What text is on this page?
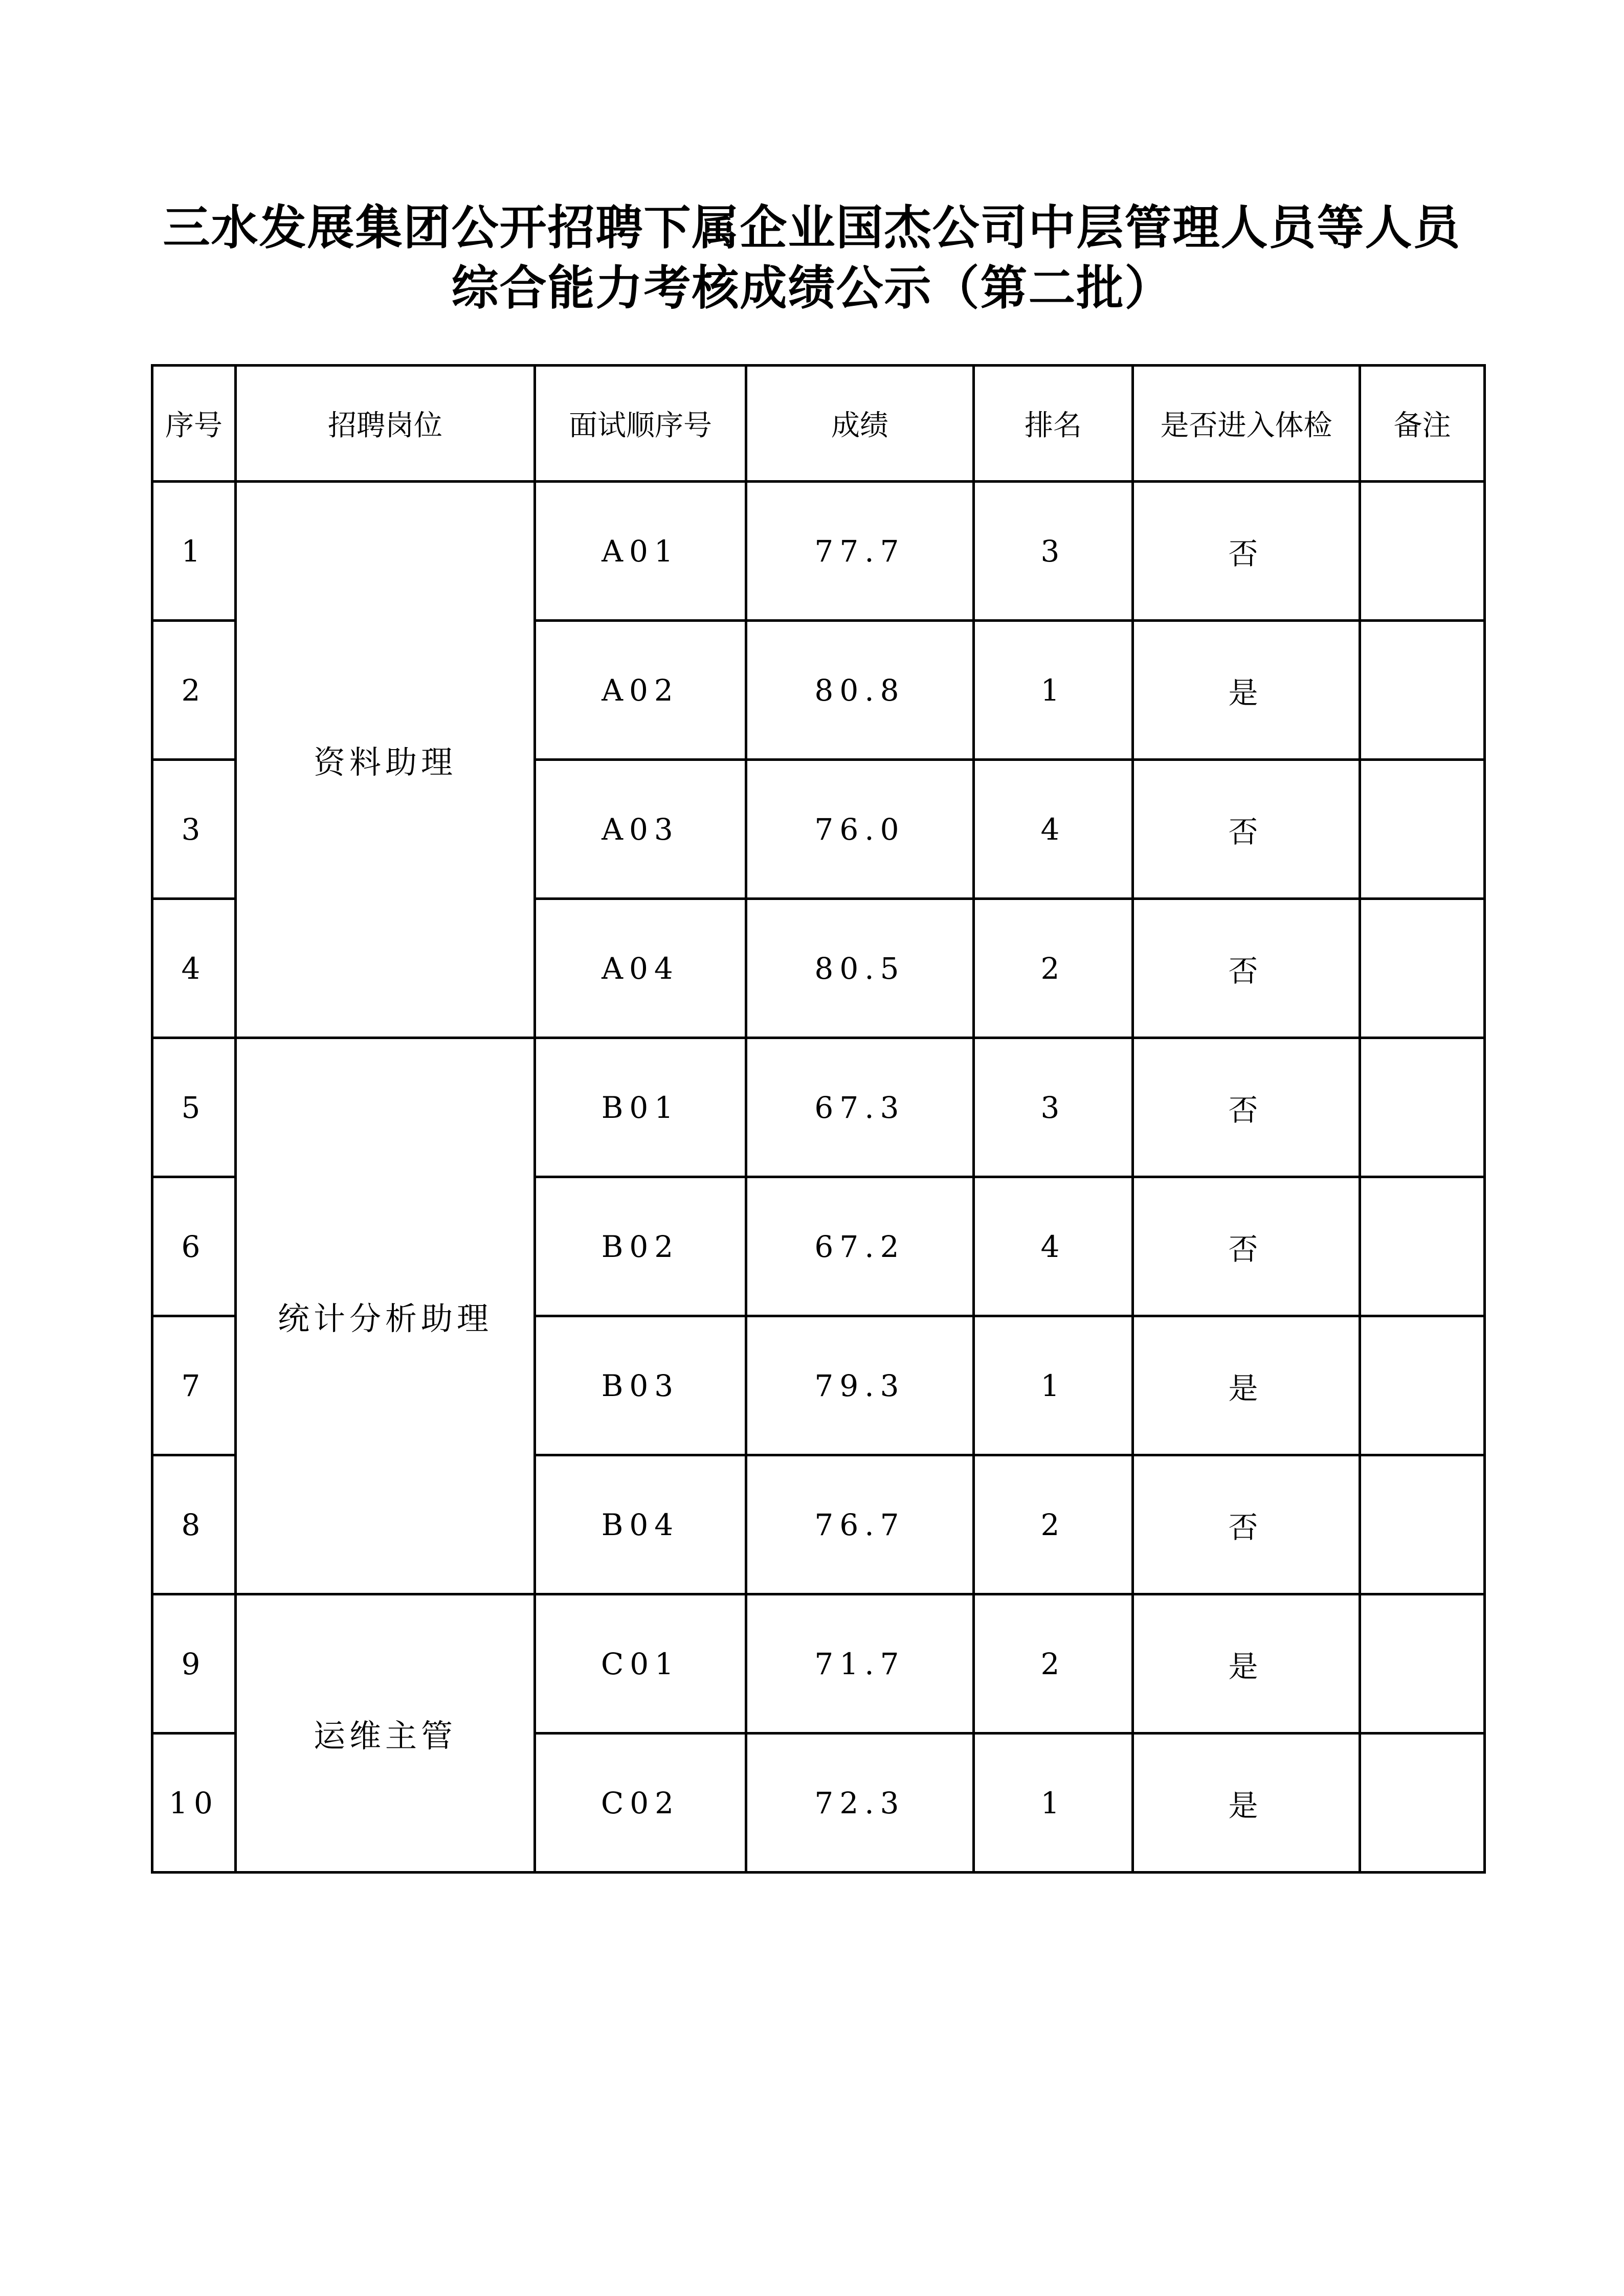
三水发展集团公开招聘下属企业国杰公司中层管理人员等人员
综合能力考核成绩公示（第二批）
序号	招聘岗位	面试顺序号	成绩	排名	是否进入体检	备注
1	资料助理	A01	77.7	3	否	
2		A02	80.8	1	是	
3		A03	76.0	4	否	
4		A04	80.5	2	否	
5	统计分析助理	B01	67.3	3	否	
6		B02	67.2	4	否	
7		B03	79.3	1	是	
8		B04	76.7	2	否	
9	运维主管	C01	71.7	2	是	
10		C02	72.3	1	是	
